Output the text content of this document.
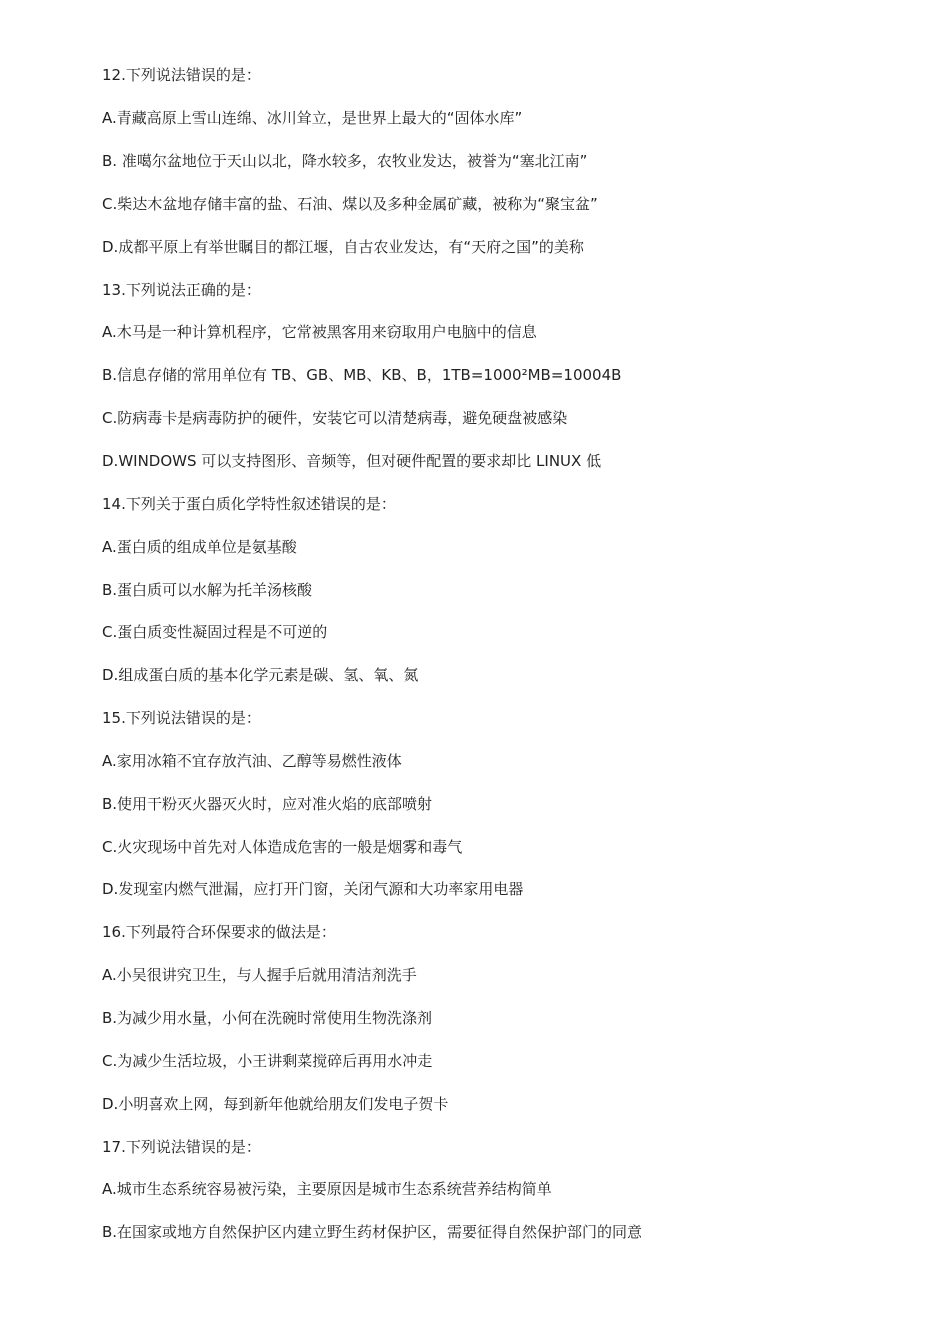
12.下列说法错误的是：

A.青藏高原上雪山连绵、冰川耸立，是世界上最大的“固体水库”

B. 准噶尔盆地位于天山以北，降水较多，农牧业发达，被誉为“塞北江南”

C.柴达木盆地存储丰富的盐、石油、煤以及多种金属矿藏，被称为“聚宝盆”

D.成都平原上有举世瞩目的都江堰，自古农业发达，有“天府之国”的美称

13.下列说法正确的是：

A.木马是一种计算机程序，它常被黑客用来窃取用户电脑中的信息

B.信息存储的常用单位有 TB、GB、MB、KB、B，1TB=1000²MB=10004B

C.防病毒卡是病毒防护的硬件，安装它可以清楚病毒，避免硬盘被感染

D.WINDOWS 可以支持图形、音频等，但对硬件配置的要求却比 LINUX 低

14.下列关于蛋白质化学特性叙述错误的是：

A.蛋白质的组成单位是氨基酸

B.蛋白质可以水解为托羊汤核酸

C.蛋白质变性凝固过程是不可逆的

D.组成蛋白质的基本化学元素是碳、氢、氧、氮

15.下列说法错误的是：

A.家用冰箱不宜存放汽油、乙醇等易燃性液体

B.使用干粉灭火器灭火时，应对准火焰的底部喷射

C.火灾现场中首先对人体造成危害的一般是烟雾和毒气

D.发现室内燃气泄漏，应打开门窗，关闭气源和大功率家用电器

16.下列最符合环保要求的做法是：

A.小吴很讲究卫生，与人握手后就用清洁剂洗手

B.为减少用水量，小何在洗碗时常使用生物洗涤剂

C.为减少生活垃圾，小王讲剩菜搅碎后再用水冲走

D.小明喜欢上网，每到新年他就给朋友们发电子贺卡

17.下列说法错误的是：

A.城市生态系统容易被污染，主要原因是城市生态系统营养结构简单

B.在国家或地方自然保护区内建立野生药材保护区，需要征得自然保护部门的同意
